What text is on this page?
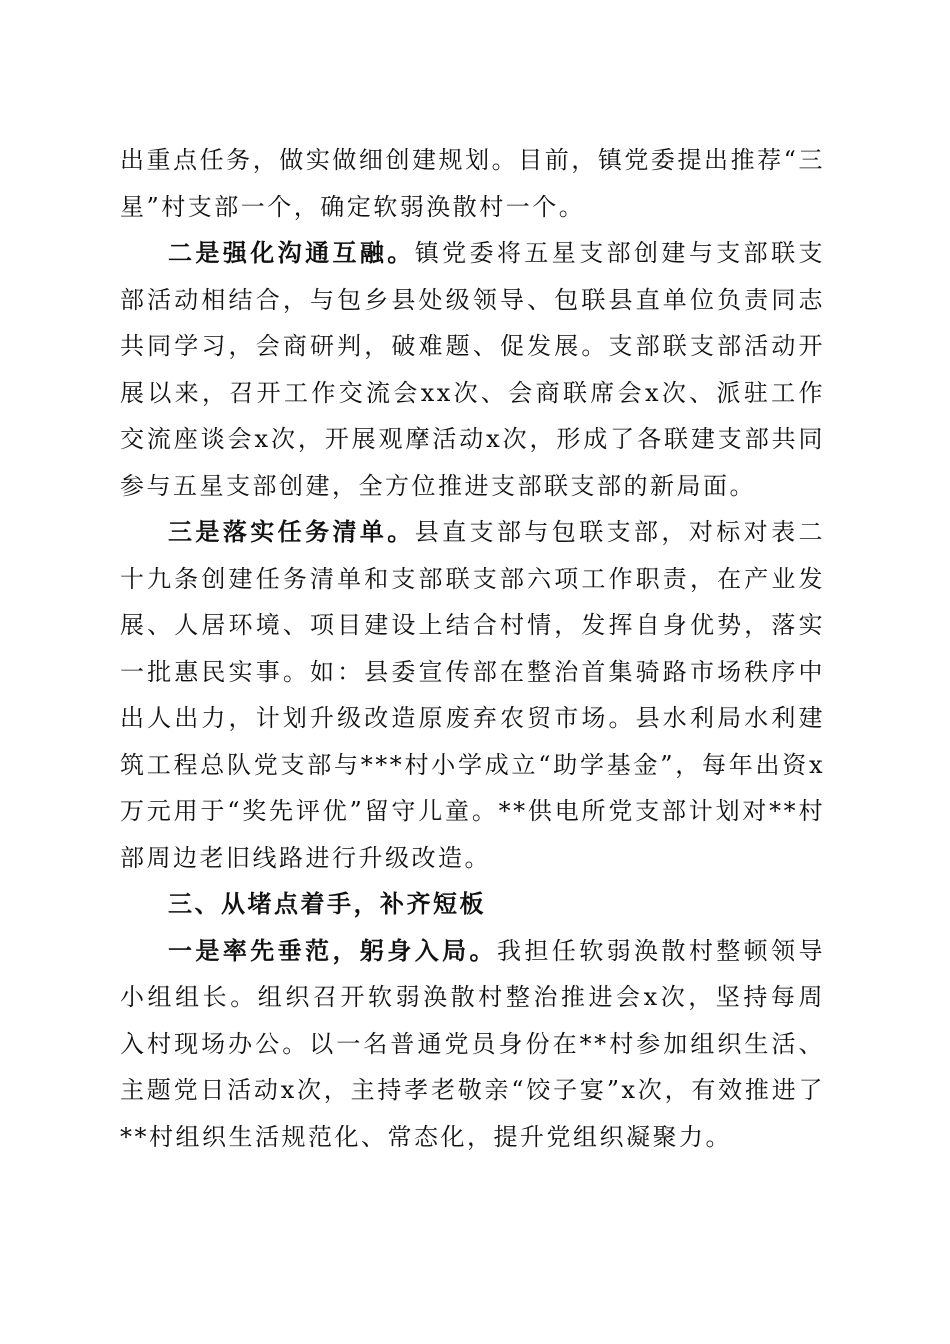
出重点任务，做实做细创建规划。目前，镇党委提出推荐“三星”村支部一个，确定软弱涣散村一个。

二是强化沟通互融。镇党委将五星支部创建与支部联支部活动相结合，与包乡县处级领导、包联县直单位负责同志共同学习，会商研判，破难题、促发展。支部联支部活动开展以来，召开工作交流会xx次、会商联席会x次、派驻工作交流座谈会x次，开展观摩活动x次，形成了各联建支部共同参与五星支部创建，全方位推进支部联支部的新局面。

三是落实任务清单。县直支部与包联支部，对标对表二十九条创建任务清单和支部联支部六项工作职责，在产业发展、人居环境、项目建设上结合村情，发挥自身优势，落实一批惠民实事。如：县委宣传部在整治首集骑路市场秩序中出人出力，计划升级改造原废弃农贸市场。县水利局水利建筑工程总队党支部与***村小学成立“助学基金”，每年出资x万元用于“奖先评优”留守儿童。**供电所党支部计划对**村部周边老旧线路进行升级改造。

三、从堵点着手，补齐短板

一是率先垂范，躬身入局。我担任软弱涣散村整顿领导小组组长。组织召开软弱涣散村整治推进会x次，坚持每周入村现场办公。以一名普通党员身份在**村参加组织生活、主题党日活动x次，主持孝老敬亲“饺子宴”x次，有效推进了**村组织生活规范化、常态化，提升党组织凝聚力。
